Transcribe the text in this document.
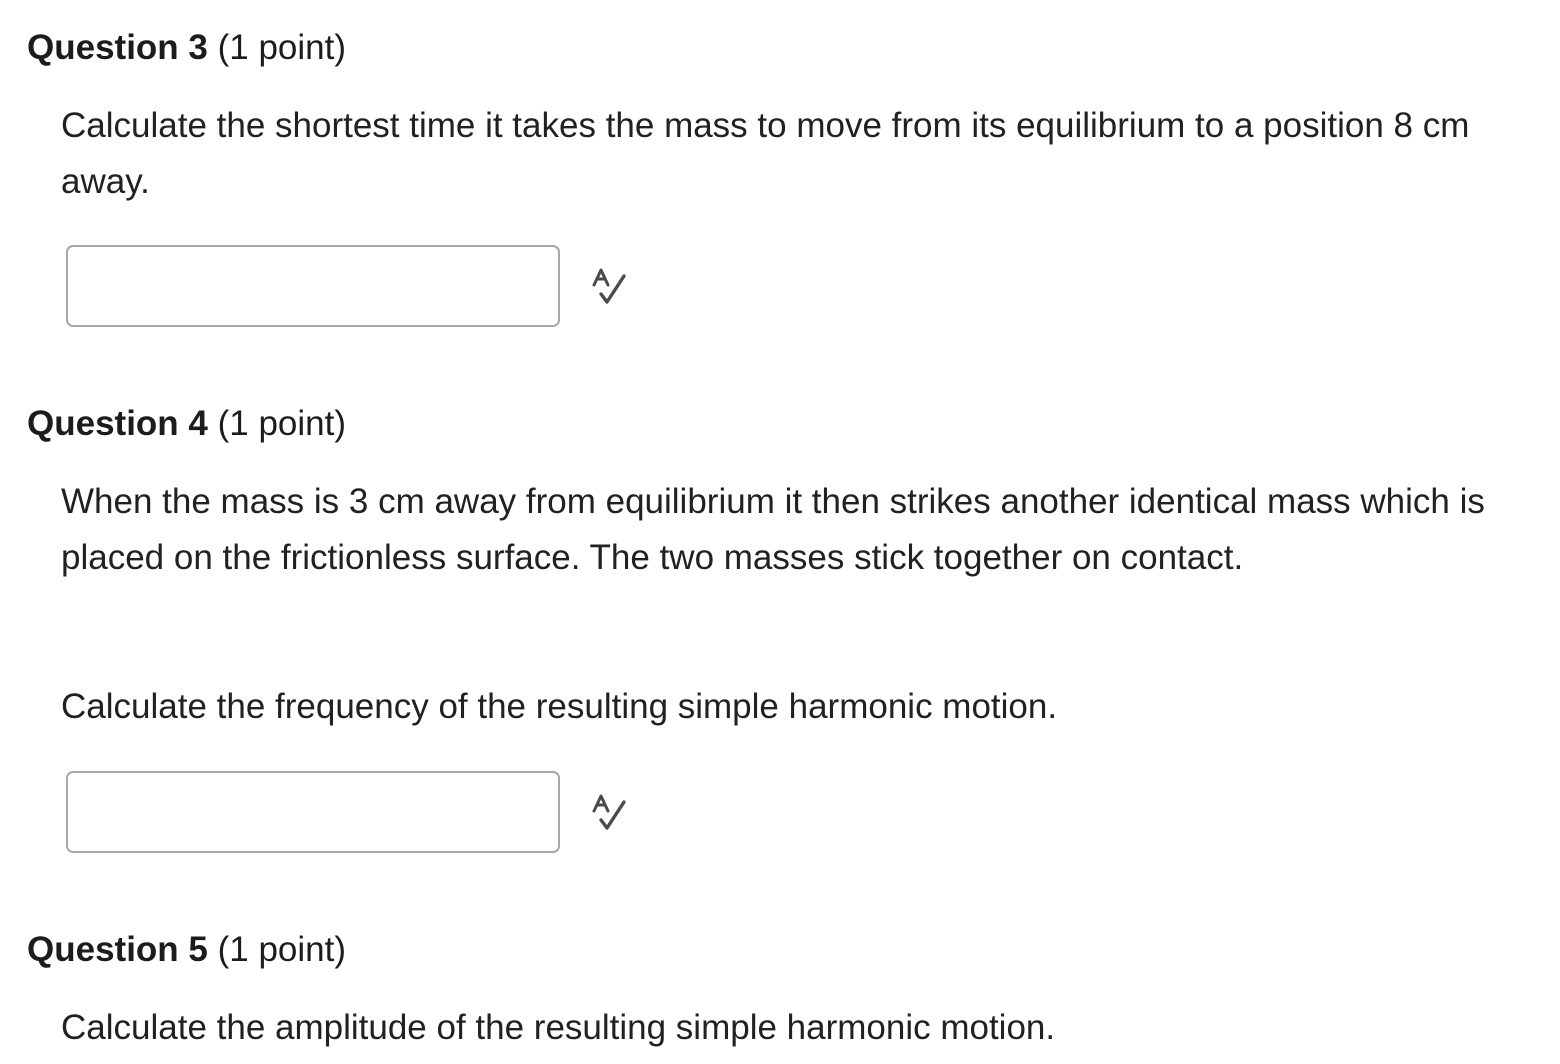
Question 3 (1 point)

Calculate the shortest time it takes the mass to move from its equilibrium to a position 8 cm away.

Question 4 (1 point)

When the mass is 3 cm away from equilibrium it then strikes another identical mass which is placed on the frictionless surface. The two masses stick together on contact.

Calculate the frequency of the resulting simple harmonic motion.

Question 5 (1 point)

Calculate the amplitude of the resulting simple harmonic motion.
